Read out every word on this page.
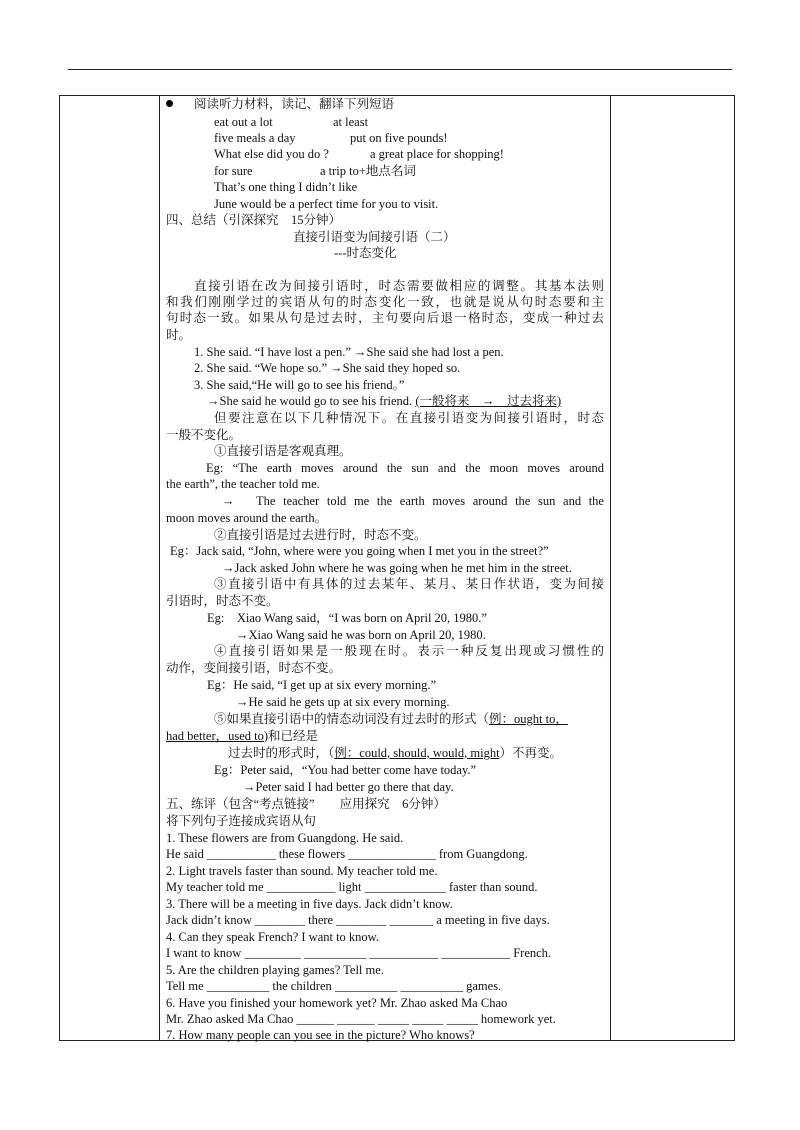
阅读听力材料，读记、翻译下列短语
eat out a lot	at least
five meals a day	put on five pounds!
What else did you do ?	a great place for shopping!
for sure	a trip to+地点名词
That’s one thing I didn’t like
June would be a perfect time for you to visit.
四、总结（引深探究　15分钟）
直接引语变为间接引语（二）
---时态变化
直接引语在改为间接引语时，时态需要做相应的调整。其基本法则
和我们刚刚学过的宾语从句的时态变化一致，也就是说从句时态要和主
句时态一致。如果从句是过去时，主句要向后退一格时态，变成一种过去
时。
1. She said. “I have lost a pen.” →She said she had lost a pen.
2. She said. “We hope so.” →She said they hoped so.
3. She said,“He will go to see his friend。”
→She said he would go to see his friend. (一般将来　→　过去将来)
但要注意在以下几种情况下。在直接引语变为间接引语时，时态
一般不变化。
①直接引语是客观真理。
Eg: “The earth moves around the sun and the moon moves around
the earth”, the teacher told me.
→　The teacher told me the earth moves around the sun and the
moon moves around the earth。
②直接引语是过去进行时，时态不变。
Eg：Jack said, “John, where were you going when I met you in the street?”
→Jack asked John where he was going when he met him in the street.
③直接引语中有具体的过去某年、某月、某日作状语，变为间接
引语时，时态不变。
Eg:　Xiao Wang said，“I was born on April 20, 1980.”
→Xiao Wang said he was born on April 20, 1980.
④直接引语如果是一般现在时。表示一种反复出现或习惯性的
动作，变间接引语，时态不变。
Eg：He said, “I get up at six every morning.”
→He said he gets up at six every morning.
⑤如果直接引语中的情态动词没有过去时的形式（例：ought to，
had better，used to)和已经是
过去时的形式时，（例：could, should, would, might）不再变。
Eg：Peter said，“You had better come have today.”
→Peter said I had better go there that day.
五、练评（包含“考点链接”　　应用探究　6分钟）
将下列句子连接成宾语从句
1. These flowers are from Guangdong. He said.
He said ___________ these flowers ______________ from Guangdong.
2. Light travels faster than sound. My teacher told me.
My teacher told me ___________ light _____________ faster than sound.
3. There will be a meeting in five days. Jack didn’t know.
Jack didn’t know ________ there ________ _______ a meeting in five days.
4. Can they speak French? I want to know.
I want to know _________ __________ ___________ ___________ French.
5. Are the children playing games? Tell me.
Tell me __________ the children __________ __________ games.
6. Have you finished your homework yet? Mr. Zhao asked Ma Chao
Mr. Zhao asked Ma Chao ______ ______ _____ _____ _____ homework yet.
7. How many people can you see in the picture? Who knows?
